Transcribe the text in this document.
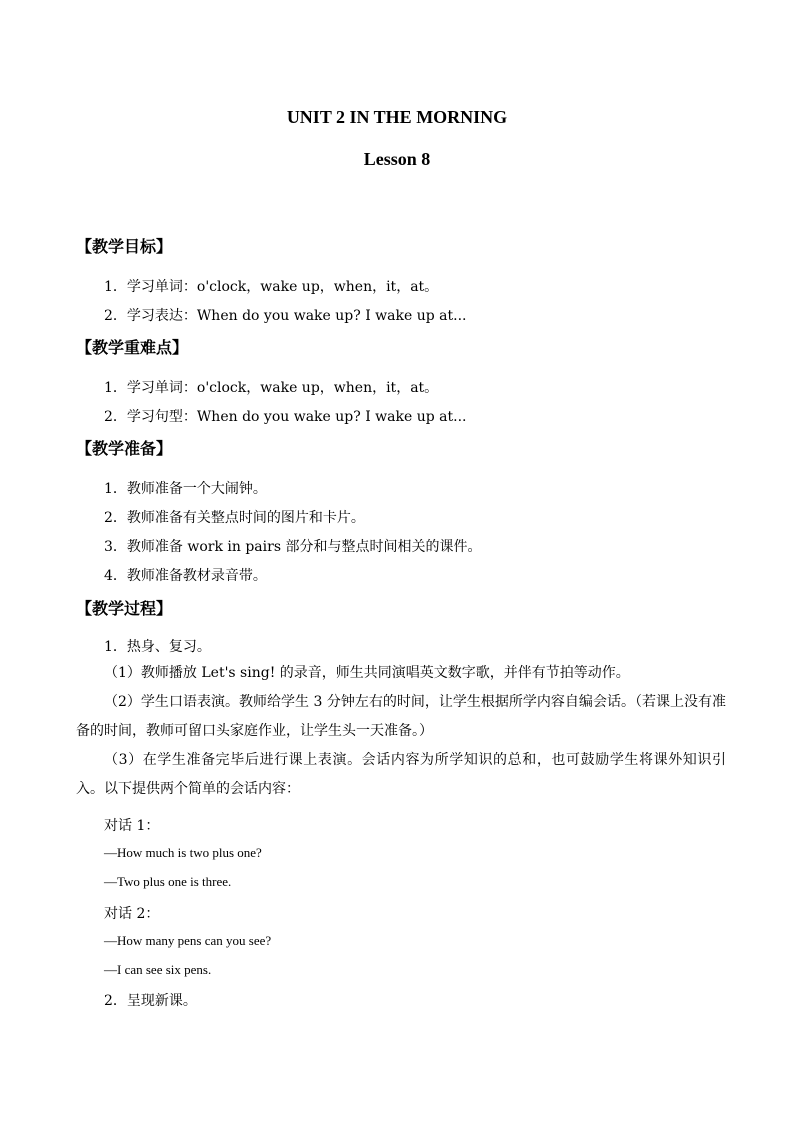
UNIT 2 IN THE MORNING
Lesson 8
【教学目标】
1．学习单词：o'clock，wake up，when，it，at。
2．学习表达：When do you wake up? I wake up at...
【教学重难点】
1．学习单词：o'clock，wake up，when，it，at。
2．学习句型：When do you wake up? I wake up at...
【教学准备】
1．教师准备一个大闹钟。
2．教师准备有关整点时间的图片和卡片。
3．教师准备 work in pairs 部分和与整点时间相关的课件。
4．教师准备教材录音带。
【教学过程】
1．热身、复习。
（1）教师播放 Let's sing! 的录音，师生共同演唱英文数字歌，并伴有节拍等动作。
（2）学生口语表演。教师给学生 3 分钟左右的时间，让学生根据所学内容自编会话。（若课上没有准备的时间，教师可留口头家庭作业，让学生头一天准备。）
（3）在学生准备完毕后进行课上表演。会话内容为所学知识的总和，也可鼓励学生将课外知识引入。以下提供两个简单的会话内容：
对话 1：
—How much is two plus one?
—Two plus one is three.
对话 2：
—How many pens can you see?
—I can see six pens.
2．呈现新课。
